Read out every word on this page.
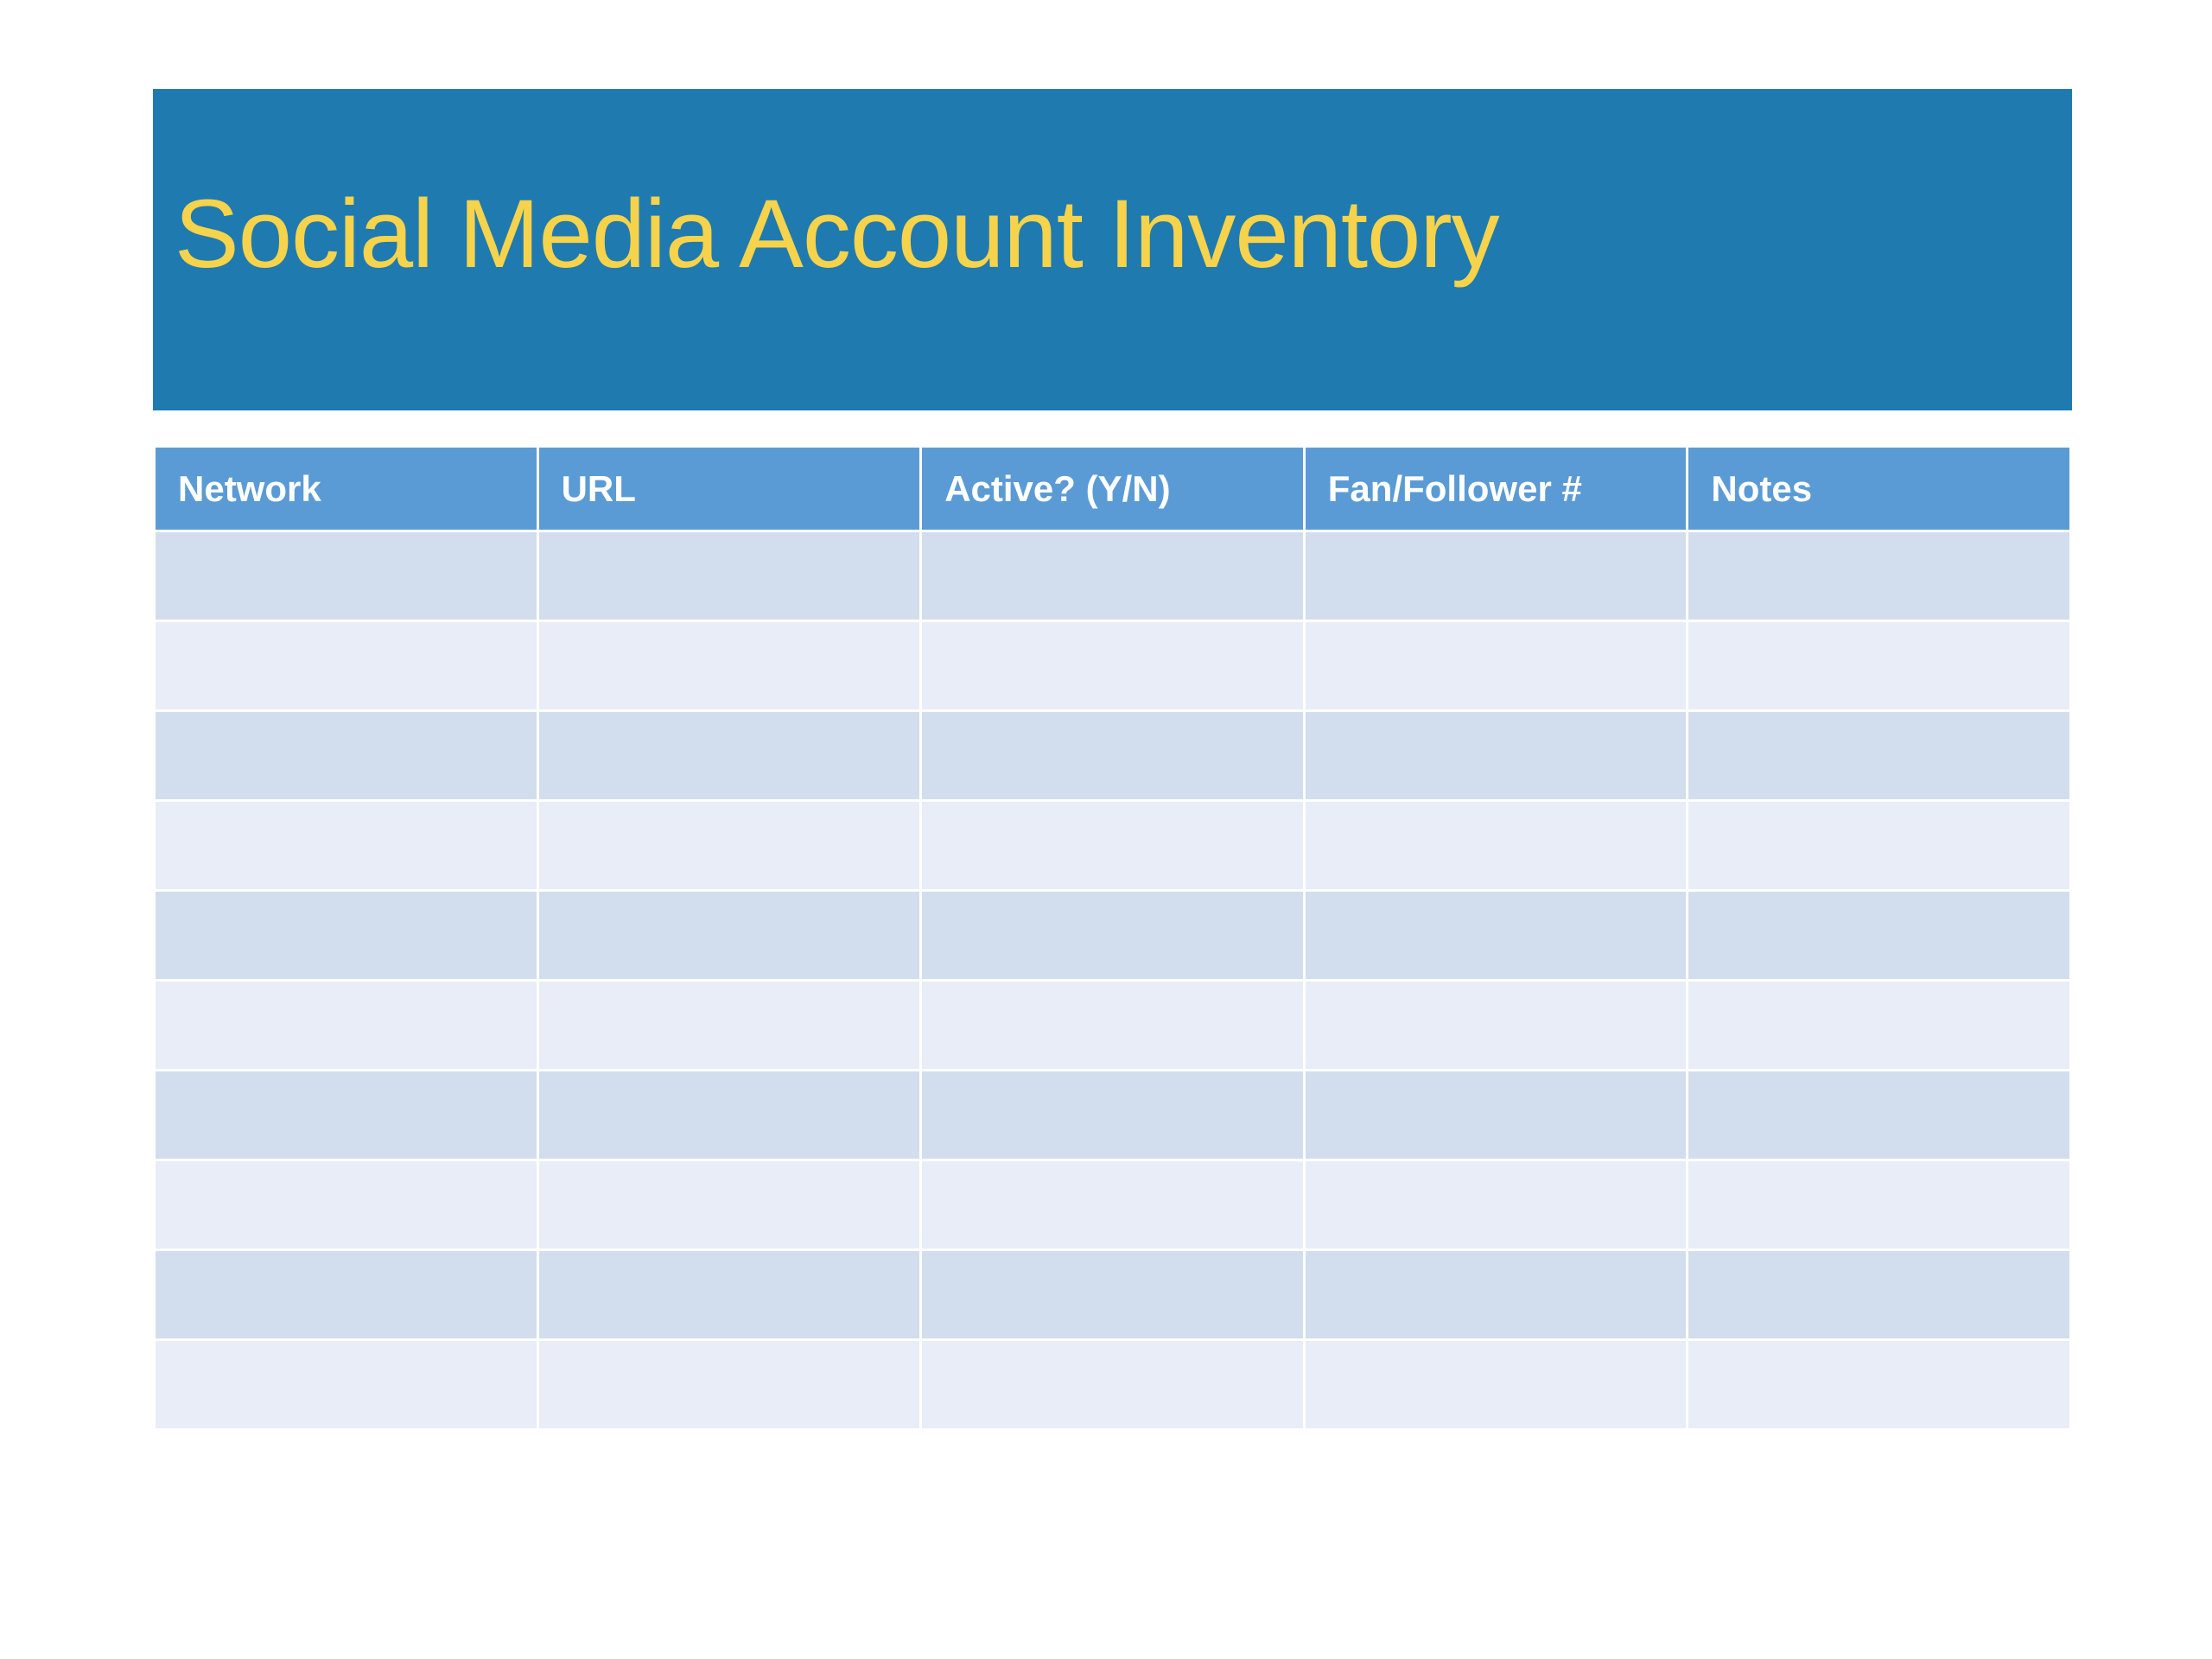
Social Media Account Inventory
Network	URL	Active? (Y/N)	Fan/Follower #	Notes
